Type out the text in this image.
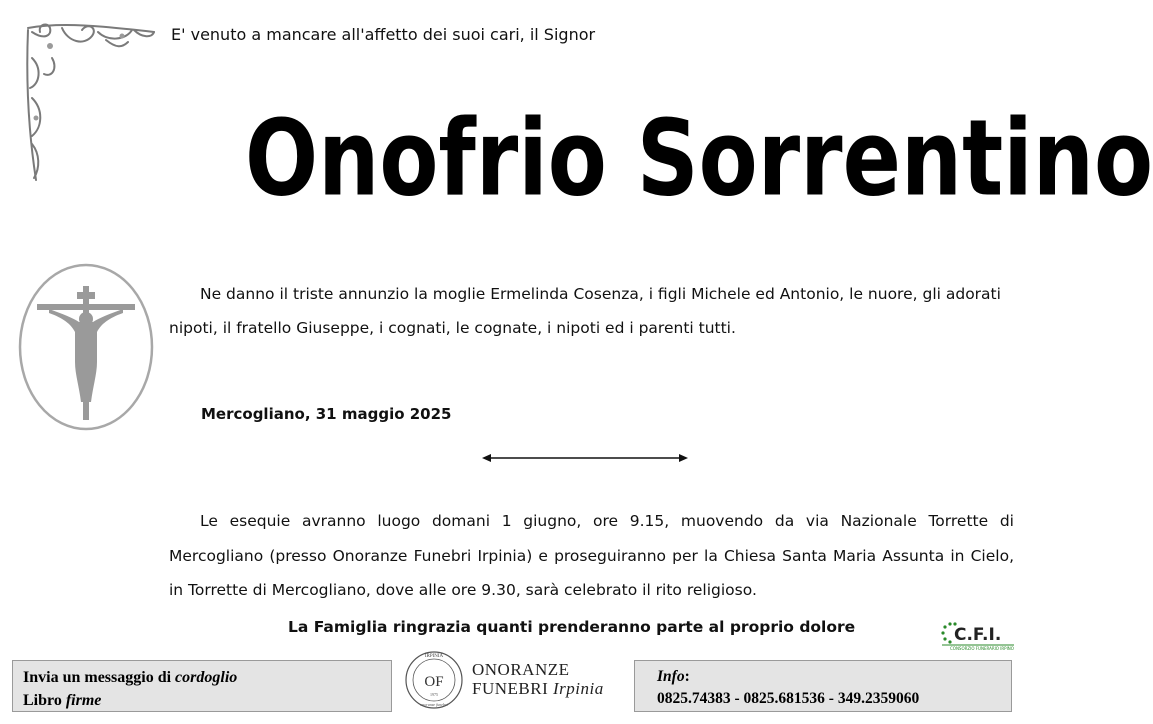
E' venuto a mancare all'affetto dei suoi cari, il Signor
Onofrio Sorrentino
Ne danno il triste annunzio la moglie Ermelinda Cosenza, i figli Michele ed Antonio, le nuore, gli adorati nipoti, il fratello Giuseppe, i cognati, le cognate, i nipoti ed i parenti tutti.
Mercogliano, 31 maggio 2025
Le esequie avranno luogo domani 1 giugno, ore 9.15, muovendo da via Nazionale Torrette di Mercogliano (presso Onoranze Funebri Irpinia) e proseguiranno per la Chiesa Santa Maria Assunta in Cielo, in Torrette di Mercogliano, dove alle ore 9.30, sarà celebrato il rito religioso.
La Famiglia ringrazia quanti prenderanno parte al proprio dolore	C.F.I.
CONSORZIO FUNERARIO IRPINO
Invia un messaggio di cordoglio
Libro firme
IRPINIA
OF
1975
onoranze funebri
ONORANZE
FUNEBRI Irpinia
Info:
0825.74383 - 0825.681536 - 349.2359060
